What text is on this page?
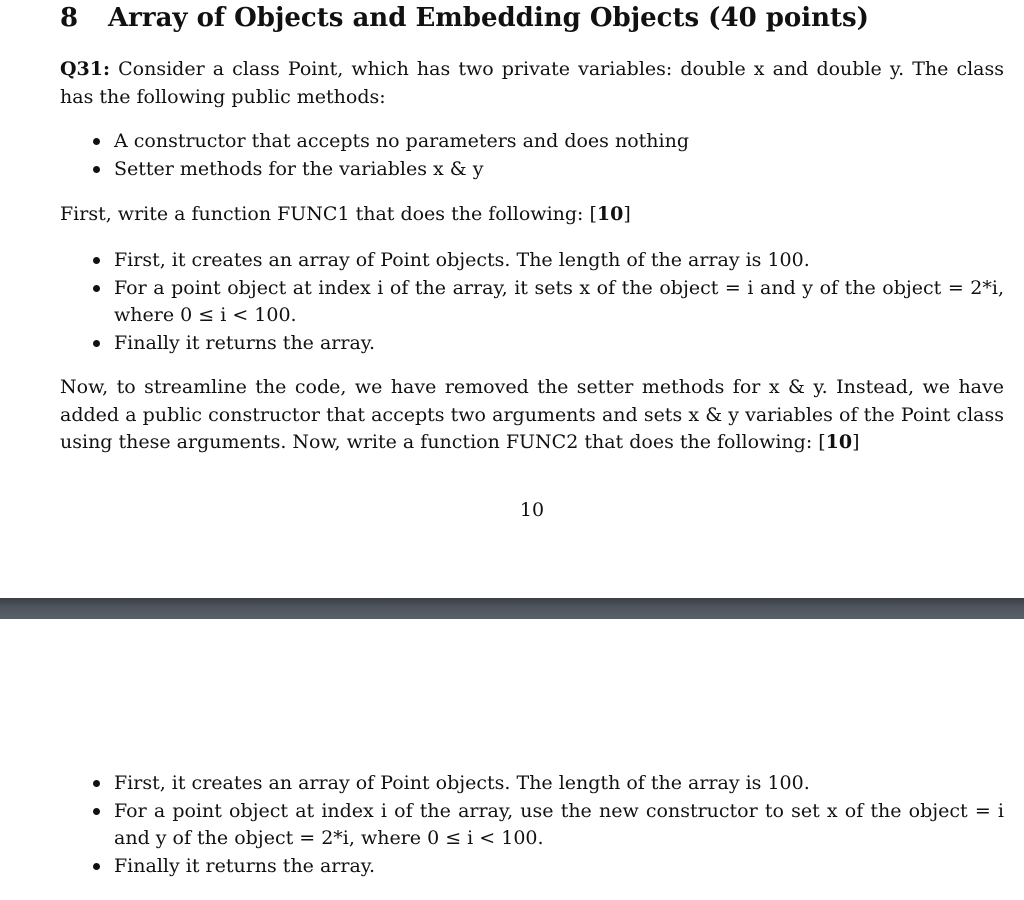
8 Array of Objects and Embedding Objects (40 points)

Q31: Consider a class Point, which has two private variables: double x and double y. The class has the following public methods:

A constructor that accepts no parameters and does nothing
Setter methods for the variables x & y

First, write a function FUNC1 that does the following: [10]

First, it creates an array of Point objects. The length of the array is 100.
For a point object at index i of the array, it sets x of the object = i and y of the object = 2*i, where 0 ≤ i < 100.
Finally it returns the array.

Now, to streamline the code, we have removed the setter methods for x & y. Instead, we have added a public constructor that accepts two arguments and sets x & y variables of the Point class using these arguments. Now, write a function FUNC2 that does the following: [10]

10
First, it creates an array of Point objects. The length of the array is 100.
For a point object at index i of the array, use the new constructor to set x of the object = i and y of the object = 2*i, where 0 ≤ i < 100.
Finally it returns the array.
